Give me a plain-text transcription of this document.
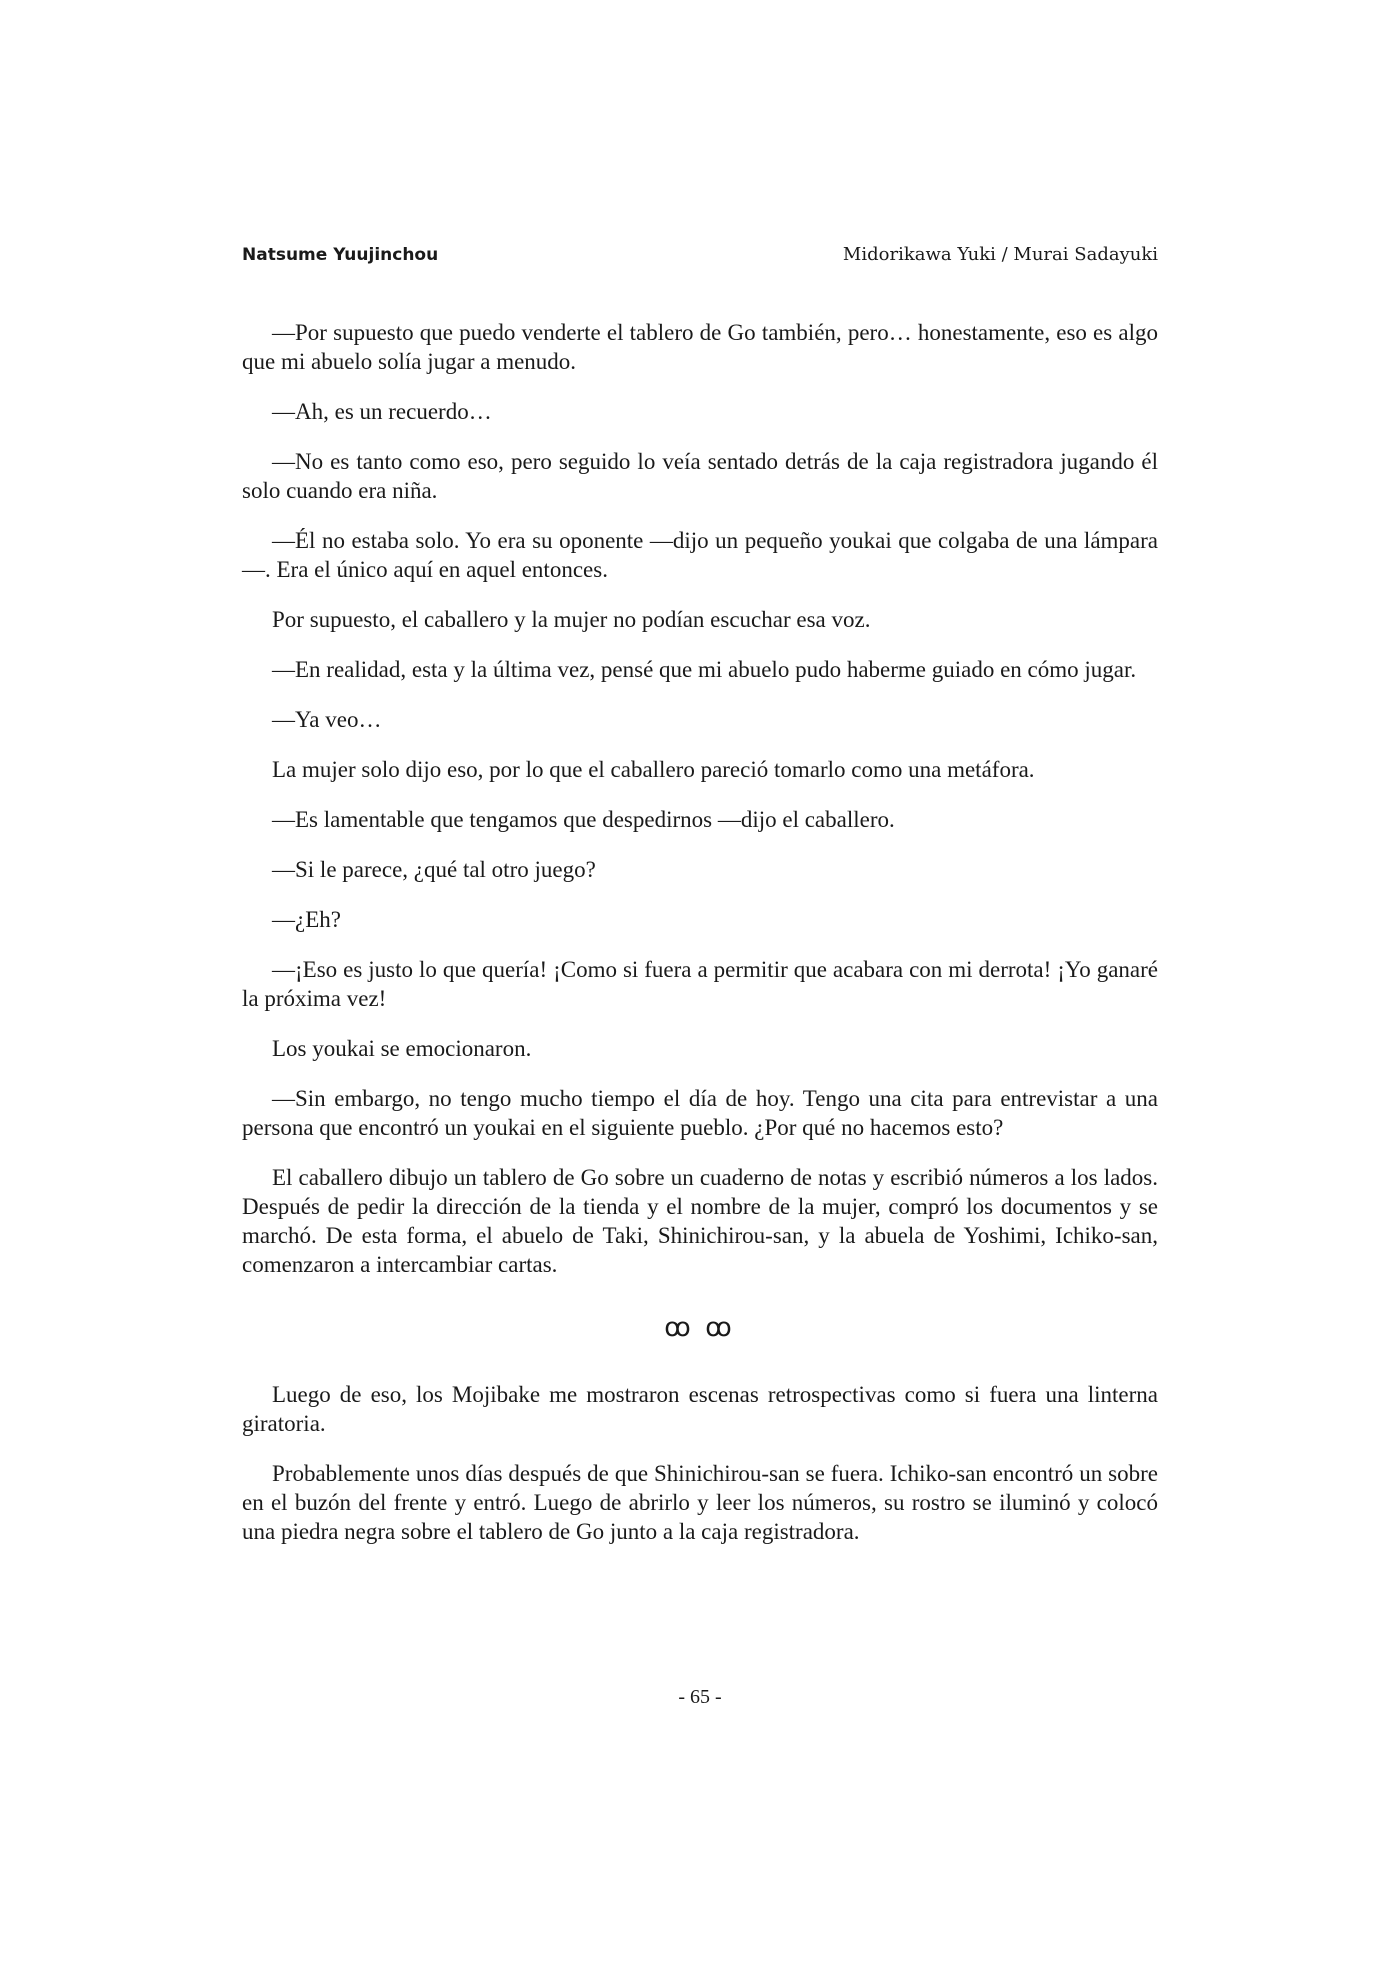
Natsume Yuujinchou	Midorikawa Yuki / Murai Sadayuki

—Por supuesto que puedo venderte el tablero de Go también, pero… honestamente, eso es algo que mi abuelo solía jugar a menudo.

—Ah, es un recuerdo…

—No es tanto como eso, pero seguido lo veía sentado detrás de la caja registradora jugando él solo cuando era niña.

—Él no estaba solo. Yo era su oponente —dijo un pequeño youkai que colgaba de una lámpara—. Era el único aquí en aquel entonces.

Por supuesto, el caballero y la mujer no podían escuchar esa voz.

—En realidad, esta y la última vez, pensé que mi abuelo pudo haberme guiado en cómo jugar.

—Ya veo…

La mujer solo dijo eso, por lo que el caballero pareció tomarlo como una metáfora.

—Es lamentable que tengamos que despedirnos —dijo el caballero.

—Si le parece, ¿qué tal otro juego?

—¿Eh?

—¡Eso es justo lo que quería! ¡Como si fuera a permitir que acabara con mi derrota! ¡Yo ganaré la próxima vez!

Los youkai se emocionaron.

—Sin embargo, no tengo mucho tiempo el día de hoy. Tengo una cita para entrevistar a una persona que encontró un youkai en el siguiente pueblo. ¿Por qué no hacemos esto?

El caballero dibujo un tablero de Go sobre un cuaderno de notas y escribió números a los lados. Después de pedir la dirección de la tienda y el nombre de la mujer, compró los documentos y se marchó. De esta forma, el abuelo de Taki, Shinichirou-san, y la abuela de Yoshimi, Ichiko-san, comenzaron a intercambiar cartas.

ꝏ ꝏ

Luego de eso, los Mojibake me mostraron escenas retrospectivas como si fuera una linterna giratoria.

Probablemente unos días después de que Shinichirou-san se fuera. Ichiko-san encontró un sobre en el buzón del frente y entró. Luego de abrirlo y leer los números, su rostro se iluminó y colocó una piedra negra sobre el tablero de Go junto a la caja registradora.

- 65 -
